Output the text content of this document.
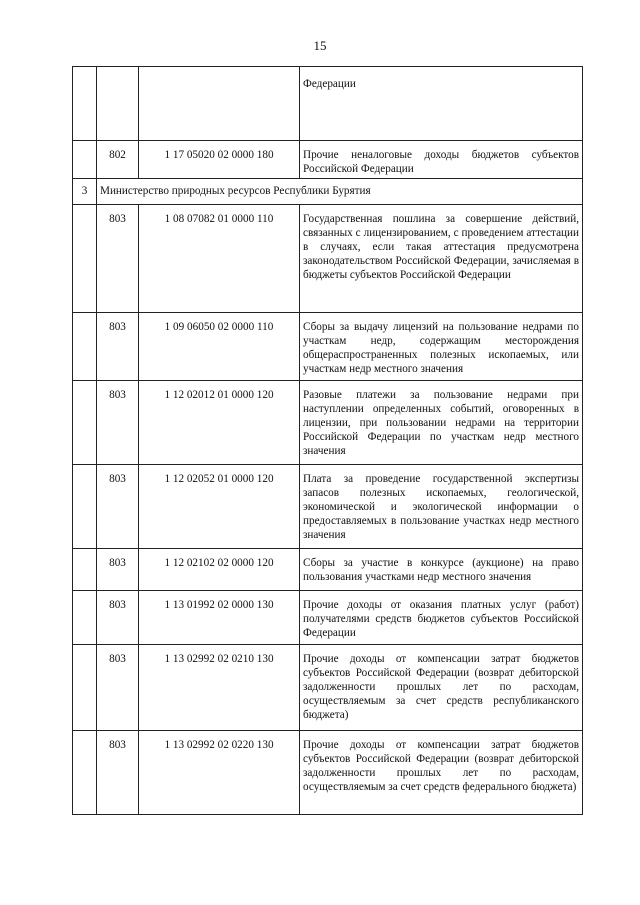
15
			Федерации
	802	1 17 05020 02 0000 180	Прочие неналоговые доходы бюджетов субъектов Российской Федерации
3	Министерство природных ресурсов Республики Бурятия		
	803	1 08 07082 01 0000 110	Государственная пошлина за совершение действий, связанных с лицензированием, с проведением аттестации в случаях, если такая аттестация предусмотрена законодательством Российской Федерации, зачисляемая в бюджеты субъектов Российской Федерации
	803	1 09 06050 02 0000 110	Сборы за выдачу лицензий на пользование недрами по участкам недр, содержащим месторождения общераспространенных полезных ископаемых, или участкам недр местного значения
	803	1 12 02012 01 0000 120	Разовые платежи за пользование недрами при наступлении определенных событий, оговоренных в лицензии, при пользовании недрами на территории Российской Федерации по участкам недр местного значения
	803	1 12 02052 01 0000 120	Плата за проведение государственной экспертизы запасов полезных ископаемых, геологической, экономической и экологической информации о предоставляемых в пользование участках недр местного значения
	803	1 12 02102 02 0000 120	Сборы за участие в конкурсе (аукционе) на право пользования участками недр местного значения
	803	1 13 01992 02 0000 130	Прочие доходы от оказания платных услуг (работ) получателями средств бюджетов субъектов Российской Федерации
	803	1 13 02992 02 0210 130	Прочие доходы от компенсации затрат бюджетов субъектов Российской Федерации (возврат дебиторской задолженности прошлых лет по расходам, осуществляемым за счет средств республиканского бюджета)
	803	1 13 02992 02 0220 130	Прочие доходы от компенсации затрат бюджетов субъектов Российской Федерации (возврат дебиторской задолженности прошлых лет по расходам, осуществляемым за счет средств федерального бюджета)
